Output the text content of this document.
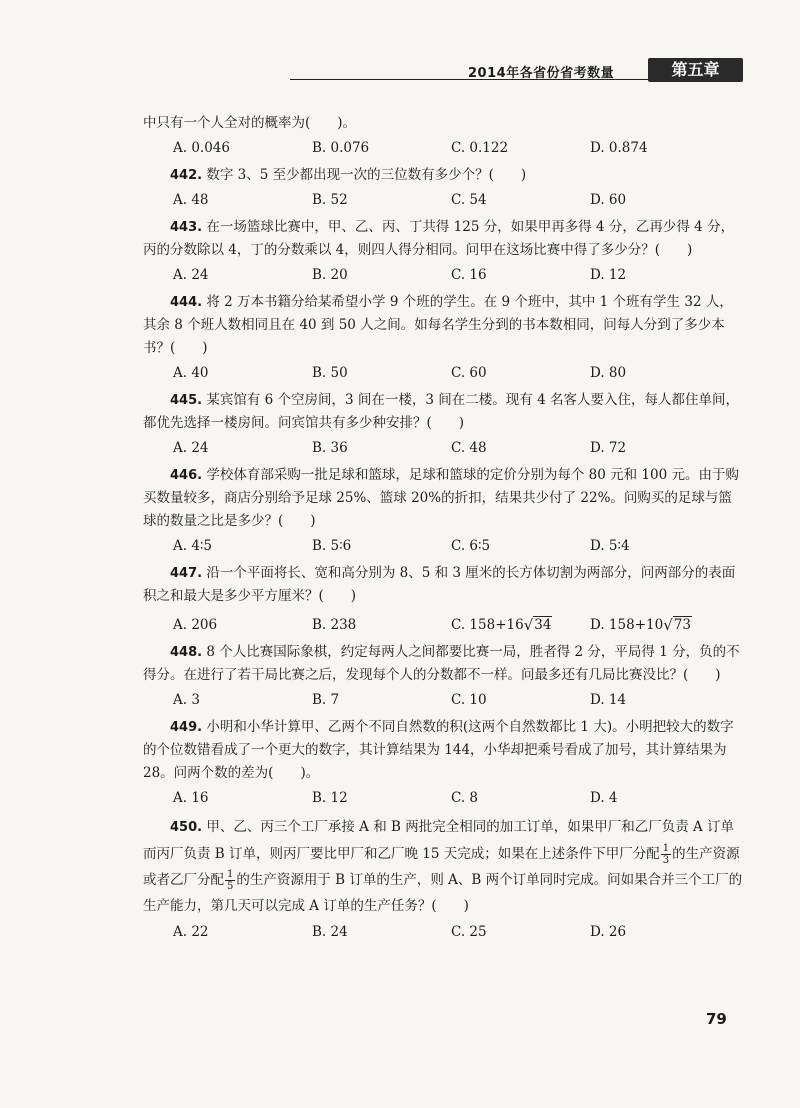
2014年各省份省考数量	第五章

中只有一个人全对的概率为(　　)。

A. 0.046	B. 0.076	C. 0.122	D. 0.874

442. 数字 3、5 至少都出现一次的三位数有多少个？(　　)

A. 48	B. 52	C. 54	D. 60

443. 在一场篮球比赛中，甲、乙、丙、丁共得 125 分，如果甲再多得 4 分，乙再少得 4 分，丙的分数除以 4，丁的分数乘以 4，则四人得分相同。问甲在这场比赛中得了多少分？(　　)

A. 24	B. 20	C. 16	D. 12

444. 将 2 万本书籍分给某希望小学 9 个班的学生。在 9 个班中，其中 1 个班有学生 32 人，其余 8 个班人数相同且在 40 到 50 人之间。如每名学生分到的书本数相同，问每人分到了多少本书？(　　)

A. 40	B. 50	C. 60	D. 80

445. 某宾馆有 6 个空房间，3 间在一楼，3 间在二楼。现有 4 名客人要入住，每人都住单间，都优先选择一楼房间。问宾馆共有多少种安排？(　　)

A. 24	B. 36	C. 48	D. 72

446. 学校体育部采购一批足球和篮球，足球和篮球的定价分别为每个 80 元和 100 元。由于购买数量较多，商店分别给予足球 25%、篮球 20%的折扣，结果共少付了 22%。问购买的足球与篮球的数量之比是多少？(　　)

A. 4∶5	B. 5∶6	C. 6∶5	D. 5∶4

447. 沿一个平面将长、宽和高分别为 8、5 和 3 厘米的长方体切割为两部分，问两部分的表面积之和最大是多少平方厘米？(　　)

A. 206	B. 238	C. 158+16√34	D. 158+10√73

448. 8 个人比赛国际象棋，约定每两人之间都要比赛一局，胜者得 2 分，平局得 1 分，负的不得分。在进行了若干局比赛之后，发现每个人的分数都不一样。问最多还有几局比赛没比？(　　)

A. 3	B. 7	C. 10	D. 14

449. 小明和小华计算甲、乙两个不同自然数的积(这两个自然数都比 1 大)。小明把较大的数字的个位数错看成了一个更大的数字，其计算结果为 144，小华却把乘号看成了加号，其计算结果为 28。问两个数的差为(　　)。

A. 16	B. 12	C. 8	D. 4

450. 甲、乙、丙三个工厂承接 A 和 B 两批完全相同的加工订单，如果甲厂和乙厂负责 A 订单而丙厂负责 B 订单，则丙厂要比甲厂和乙厂晚 15 天完成；如果在上述条件下甲厂分配 $\frac{1}{3}$ 的生产资源或者乙厂分配 $\frac{1}{5}$ 的生产资源用于 B 订单的生产，则 A、B 两个订单同时完成。问如果合并三个工厂的生产能力，第几天可以完成 A 订单的生产任务？(　　)

A. 22	B. 24	C. 25	D. 26
79
